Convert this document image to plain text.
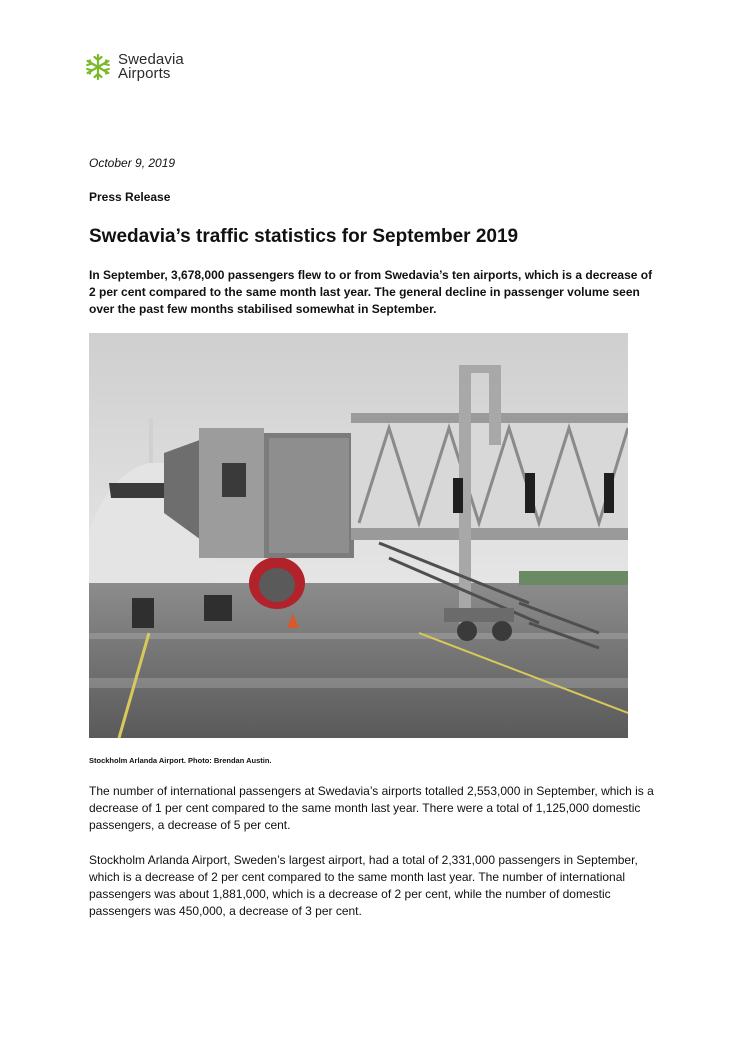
Swedavia
Airports
October 9, 2019
Press Release
Swedavia’s traffic statistics for September 2019

In September, 3,678,000 passengers flew to or from Swedavia’s ten airports, which is a decrease of 2 per cent compared to the same month last year. The general decline in passenger volume seen over the past few months stabilised somewhat in September.

Stockholm Arlanda Airport. Photo: Brendan Austin.

The number of international passengers at Swedavia’s airports totalled 2,553,000 in September, which is a decrease of 1 per cent compared to the same month last year. There were a total of 1,125,000 domestic passengers, a decrease of 5 per cent.

Stockholm Arlanda Airport, Sweden’s largest airport, had a total of 2,331,000 passengers in September, which is a decrease of 2 per cent compared to the same month last year. The number of international passengers was about 1,881,000, which is a decrease of 2 per cent, while the number of domestic passengers was 450,000, a decrease of 3 per cent.
